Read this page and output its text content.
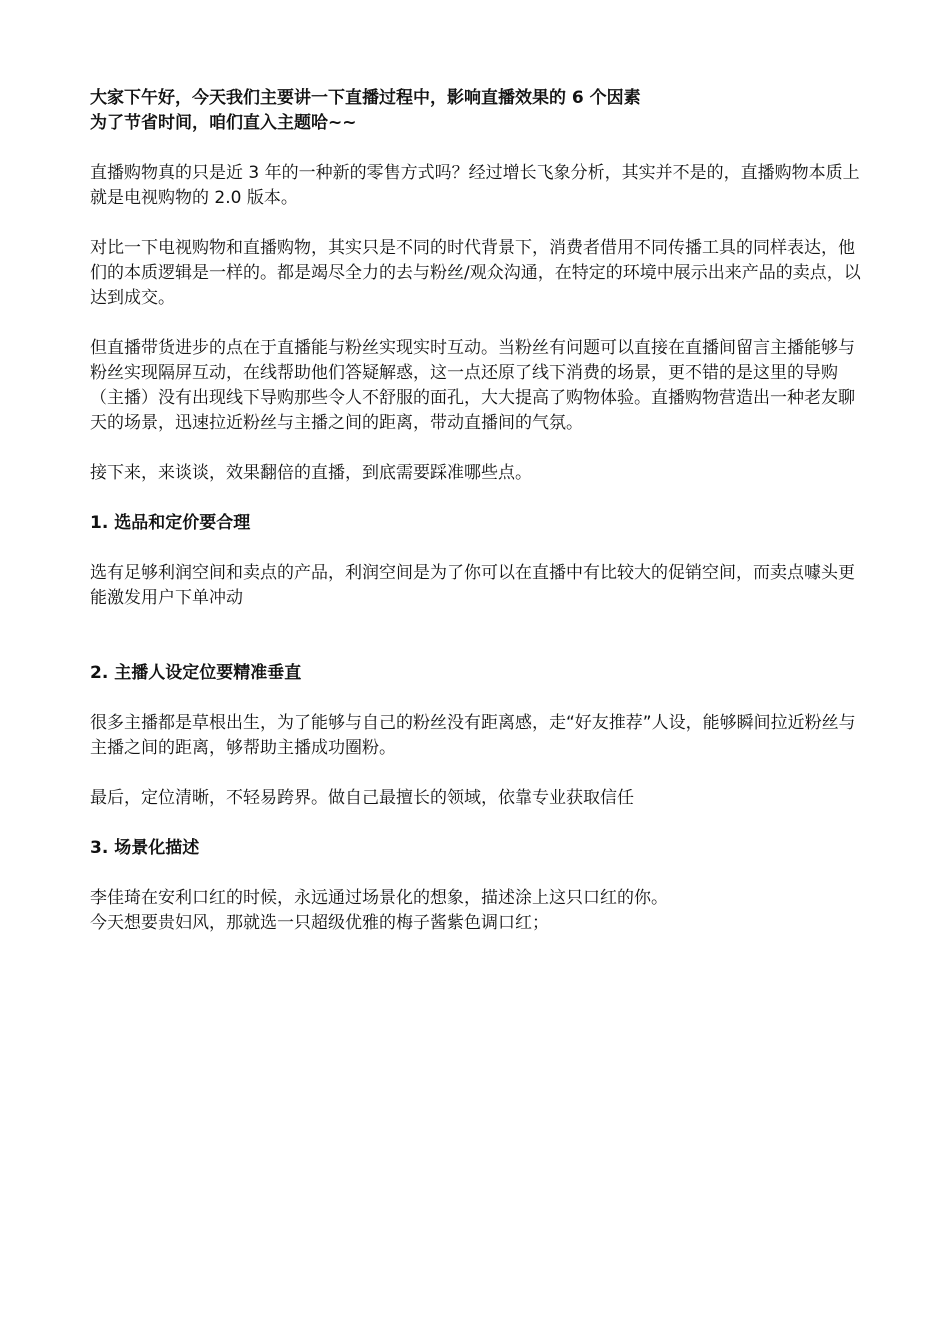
大家下午好，今天我们主要讲一下直播过程中，影响直播效果的 6 个因素
为了节省时间，咱们直入主题哈~~

直播购物真的只是近 3 年的一种新的零售方式吗？经过增长飞象分析，其实并不是的，直播购物本质上就是电视购物的 2.0 版本。

对比一下电视购物和直播购物，其实只是不同的时代背景下，消费者借用不同传播工具的同样表达，他们的本质逻辑是一样的。都是竭尽全力的去与粉丝/观众沟通，在特定的环境中展示出来产品的卖点，以达到成交。

但直播带货进步的点在于直播能与粉丝实现实时互动。当粉丝有问题可以直接在直播间留言主播能够与粉丝实现隔屏互动，在线帮助他们答疑解惑，这一点还原了线下消费的场景，更不错的是这里的导购（主播）没有出现线下导购那些令人不舒服的面孔，大大提高了购物体验。直播购物营造出一种老友聊天的场景，迅速拉近粉丝与主播之间的距离，带动直播间的气氛。

接下来，来谈谈，效果翻倍的直播，到底需要踩准哪些点。

1. 选品和定价要合理

选有足够利润空间和卖点的产品，利润空间是为了你可以在直播中有比较大的促销空间，而卖点噱头更能激发用户下单冲动

2. 主播人设定位要精准垂直

很多主播都是草根出生，为了能够与自己的粉丝没有距离感，走“好友推荐”人设，能够瞬间拉近粉丝与主播之间的距离，够帮助主播成功圈粉。

最后，定位清晰，不轻易跨界。做自己最擅长的领域，依靠专业获取信任

3. 场景化描述

李佳琦在安利口红的时候，永远通过场景化的想象，描述涂上这只口红的你。

今天想要贵妇风，那就选一只超级优雅的梅子酱紫色调口红；
